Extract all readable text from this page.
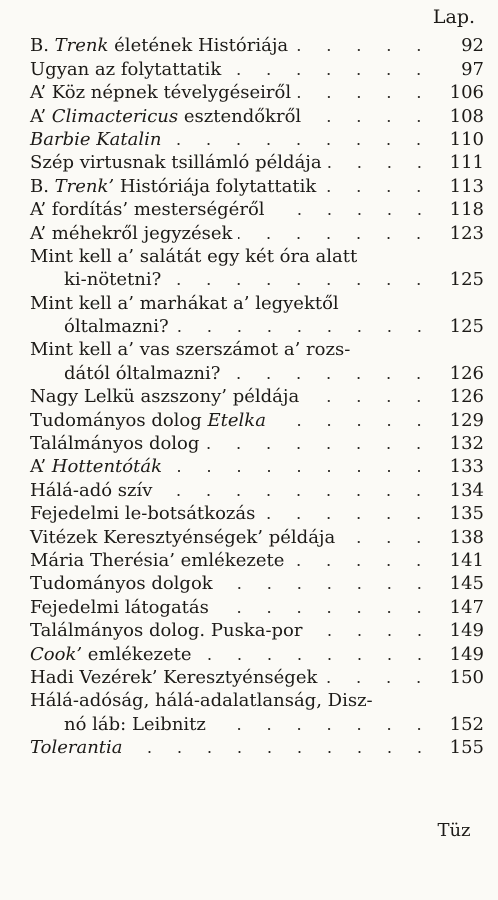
Lap.
B. Trenk életének Históriája	92
Ugyan az folytattatik	97
A’ Köz népnek tévelygéseiről	106
A’ Climactericus esztendőkről	108
Barbie Katalin	110
Szép virtusnak tsillámló példája	111
B. Trenk’ Históriája folytattatik	113
A’ fordítás’ mesterségéről	118
A’ méhekről jegyzések	123
Mint kell a’ salátát egy két óra alatt
ki-nötetni?	125
Mint kell a’ marhákat a’ legyektől
óltalmazni?	125
Mint kell a’ vas szerszámot a’ rozs-
dától óltalmazni?	126
Nagy Lelkü aszszony’ példája	126
Tudományos dolog Etelka	129
Találmányos dolog	132
A’ Hottentóták	133
Hálá-adó szív	134
Fejedelmi le-botsátkozás	135
Vitézek Keresztyénségek’ példája	138
Mária Therésia’ emlékezete	141
Tudományos dolgok	145
Fejedelmi látogatás	147
Találmányos dolog. Puska-por	149
Cook’ emlékezete	149
Hadi Vezérek’ Keresztyénségek	150
Hálá-adóság, hálá-adalatlanság, Disz-
nó láb: Leibnitz	152
Tolerantia	155
Tüz
